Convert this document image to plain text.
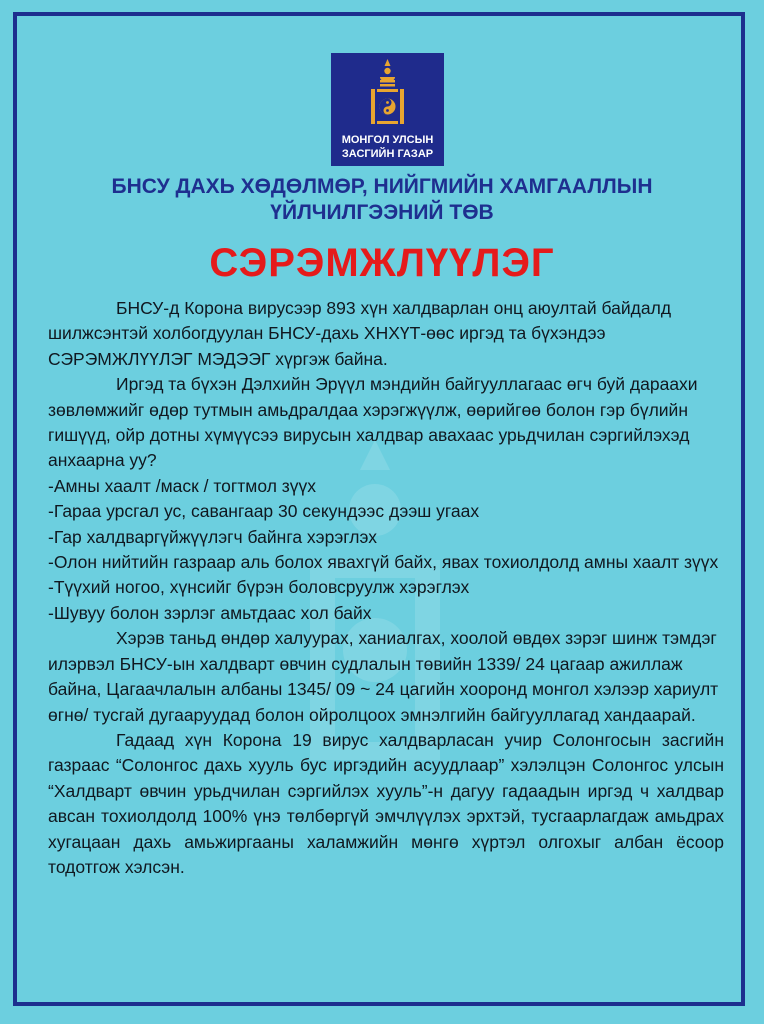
МОНГОЛ УЛСЫН
ЗАСГИЙН ГАЗАР
БНСУ ДАХЬ ХӨДӨЛМӨР, НИЙГМИЙН ХАМГААЛЛЫН
ҮЙЛЧИЛГЭЭНИЙ ТӨВ
СЭРЭМЖЛҮҮЛЭГ

БНСУ-д Корона вирусээр 893 хүн халдварлан онц аюултай байдалд шилжсэнтэй холбогдуулан БНСУ-дахь ХНХҮТ-өөс иргэд та бүхэндээ СЭРЭМЖЛҮҮЛЭГ МЭДЭЭГ хүргэж байна.

Иргэд та бүхэн Дэлхийн Эрүүл мэндийн байгууллагаас өгч буй дараахи зөвлөмжийг өдөр тутмын амьдралдаа хэрэгжүүлж, өөрийгөө болон гэр бүлийн гишүүд, ойр дотны хүмүүсээ вирусын халдвар авахаас урьдчилан сэргийлэхэд анхаарна уу?

-Амны хаалт /маск / тогтмол зүүх

-Гараа урсгал ус, савангаар 30 секундээс дээш угаах

-Гар халдваргүйжүүлэгч байнга хэрэглэх

-Олон нийтийн газраар аль болох явахгүй байх, явах тохиолдолд амны хаалт зүүх

-Түүхий ногоо, хүнсийг бүрэн боловсруулж хэрэглэх

-Шувуу болон зэрлэг амьтдаас хол байх

Хэрэв таньд өндөр халуурах, ханиалгах, хоолой өвдөх зэрэг шинж тэмдэг илэрвэл БНСУ-ын халдварт өвчин судлалын төвийн 1339/ 24 цагаар ажиллаж байна, Цагаачлалын албаны 1345/ 09 ~ 24 цагийн хооронд монгол хэлээр хариулт өгнө/ тусгай дугааруудад болон ойролцоох эмнэлгийн байгууллагад хандаарай.

Гадаад хүн Корона 19 вирус халдварласан учир Солонгосын засгийн газраас “Солонгос дахь хууль бус иргэдийн асуудлаар” хэлэлцэн Солонгос улсын “Халдварт өвчин урьдчилан сэргийлэх хууль”-н дагуу гадаадын иргэд ч халдвар авсан тохиолдолд 100% үнэ төлбөргүй эмчлүүлэх эрхтэй, тусгаарлагдаж амьдрах хугацаан дахь амьжиргааны халамжийн мөнгө хүртэл олгохыг албан ёсоор тодотгож хэлсэн.
